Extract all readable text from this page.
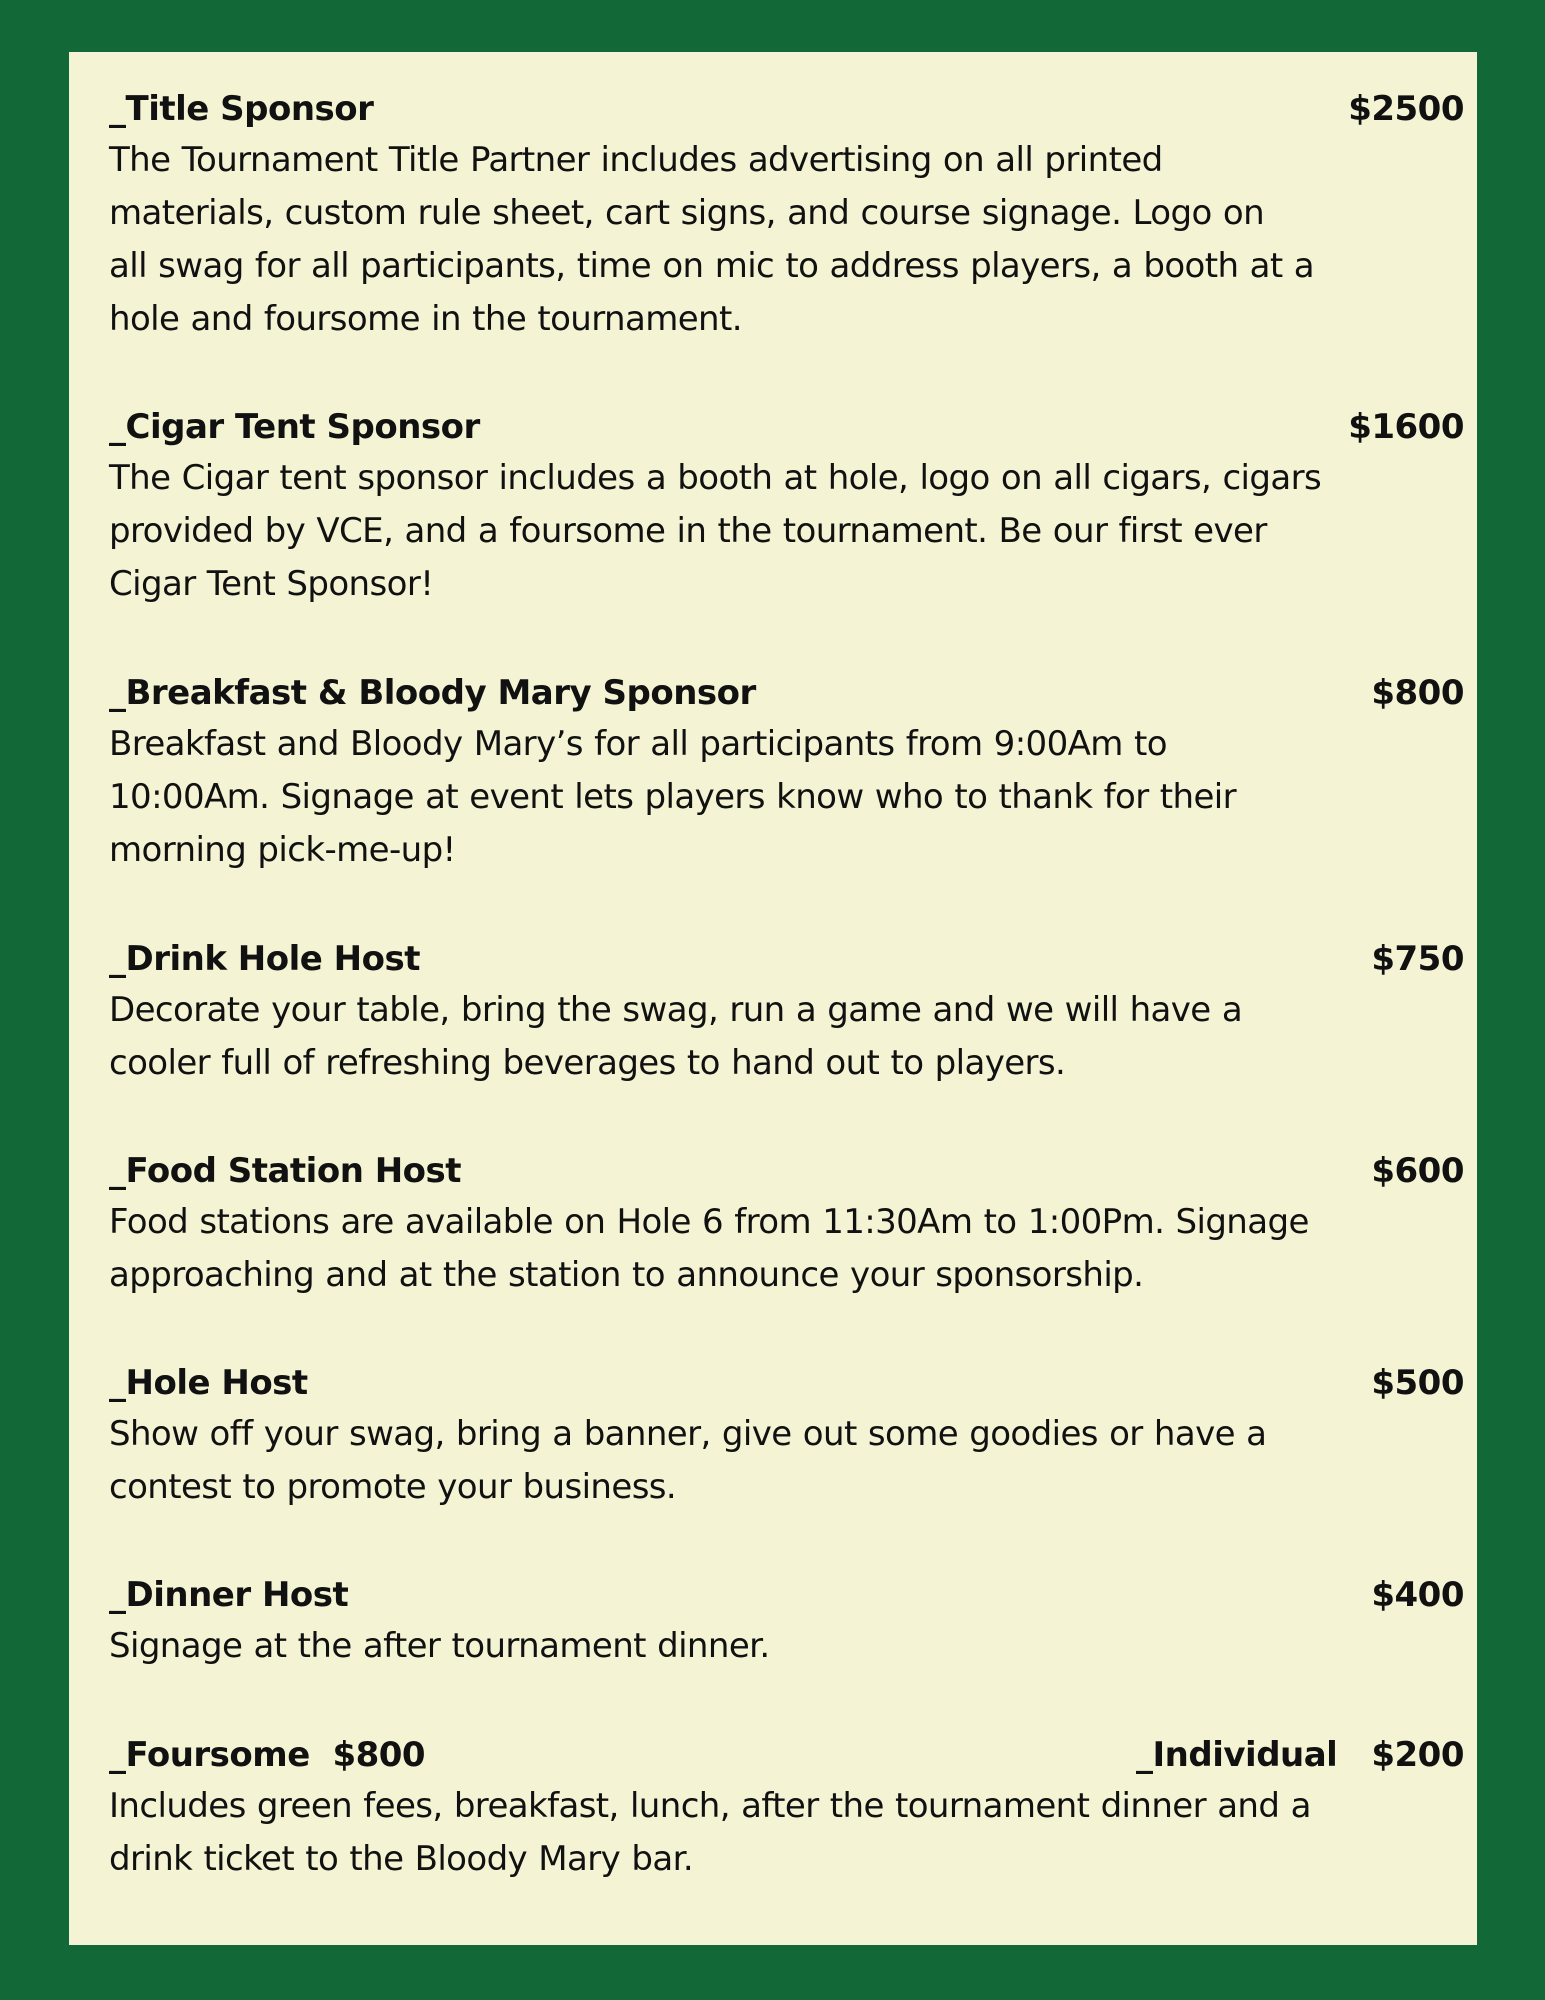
_Title Sponsor	$2500

The Tournament Title Partner includes advertising on all printed
materials, custom rule sheet, cart signs, and course signage. Logo on
all swag for all participants, time on mic to address players, a booth at a
hole and foursome in the tournament.

_Cigar Tent Sponsor	$1600

The Cigar tent sponsor includes a booth at hole, logo on all cigars, cigars
provided by VCE, and a foursome in the tournament. Be our first ever
Cigar Tent Sponsor!

_Breakfast & Bloody Mary Sponsor	$800

Breakfast and Bloody Mary’s for all participants from 9:00Am to
10:00Am. Signage at event lets players know who to thank for their
morning pick-me-up!

_Drink Hole Host	$750

Decorate your table, bring the swag, run a game and we will have a
cooler full of refreshing beverages to hand out to players.

_Food Station Host	$600

Food stations are available on Hole 6 from 11:30Am to 1:00Pm. Signage
approaching and at the station to announce your sponsorship.

_Hole Host	$500

Show off your swag, bring a banner, give out some goodies or have a
contest to promote your business.

_Dinner Host	$400

Signage at the after tournament dinner.

_Foursome $800	_Individual $200

Includes green fees, breakfast, lunch, after the tournament dinner and a
drink ticket to the Bloody Mary bar.
